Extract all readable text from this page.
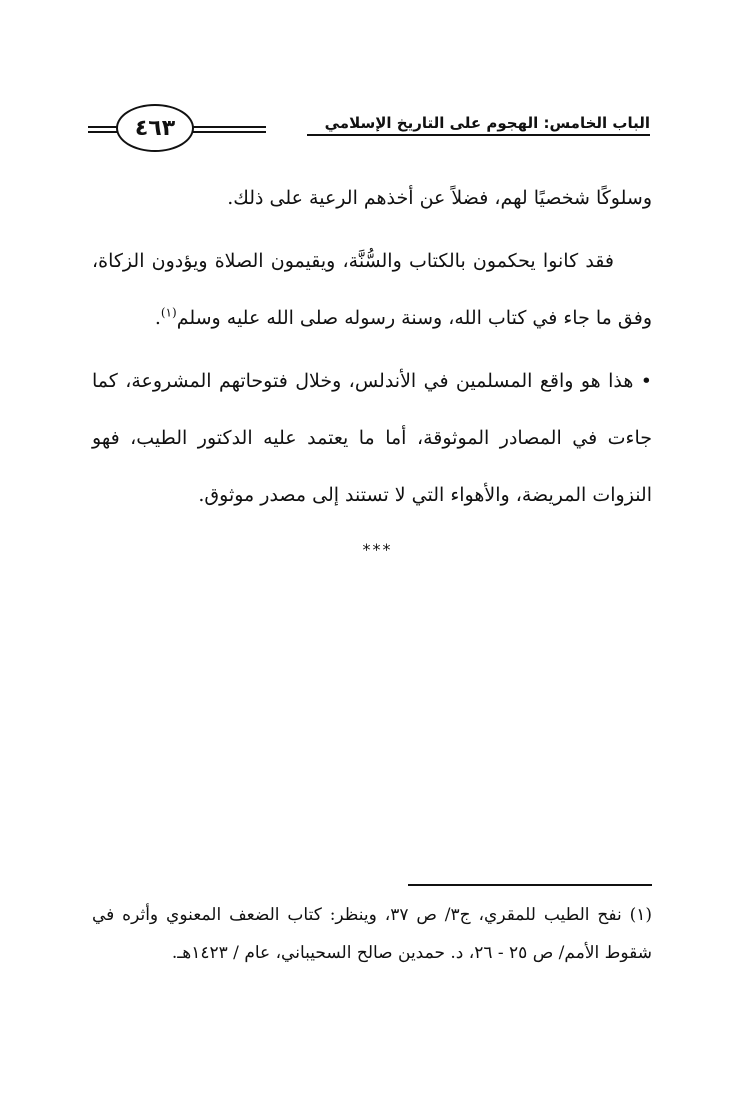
٤٦٣	الباب الخامس: الهجوم على التاريخ الإسلامي

وسلوكًا شخصيًا لهم، فضلاً عن أخذهم الرعية على ذلك.

فقد كانوا يحكمون بالكتاب والسُّنَّة، ويقيمون الصلاة ويؤدون الزكاة، وفق ما جاء في كتاب الله، وسنة رسوله صلى الله عليه وسلم$^{(١)}$.

• هذا هو واقع المسلمين في الأندلس، وخلال فتوحاتهم المشروعة، كما جاءت في المصادر الموثوقة، أما ما يعتمد عليه الدكتور الطيب، فهو النزوات المريضة، والأهواء التي لا تستند إلى مصدر موثوق.

***

(١) نفح الطيب للمقري، ج٣/ ص ٣٧، وينظر: كتاب الضعف المعنوي وأثره في شقوط الأمم/ ص ٢٥ - ٢٦، د. حمدين صالح السحيباني، عام / ١٤٢٣هـ.
